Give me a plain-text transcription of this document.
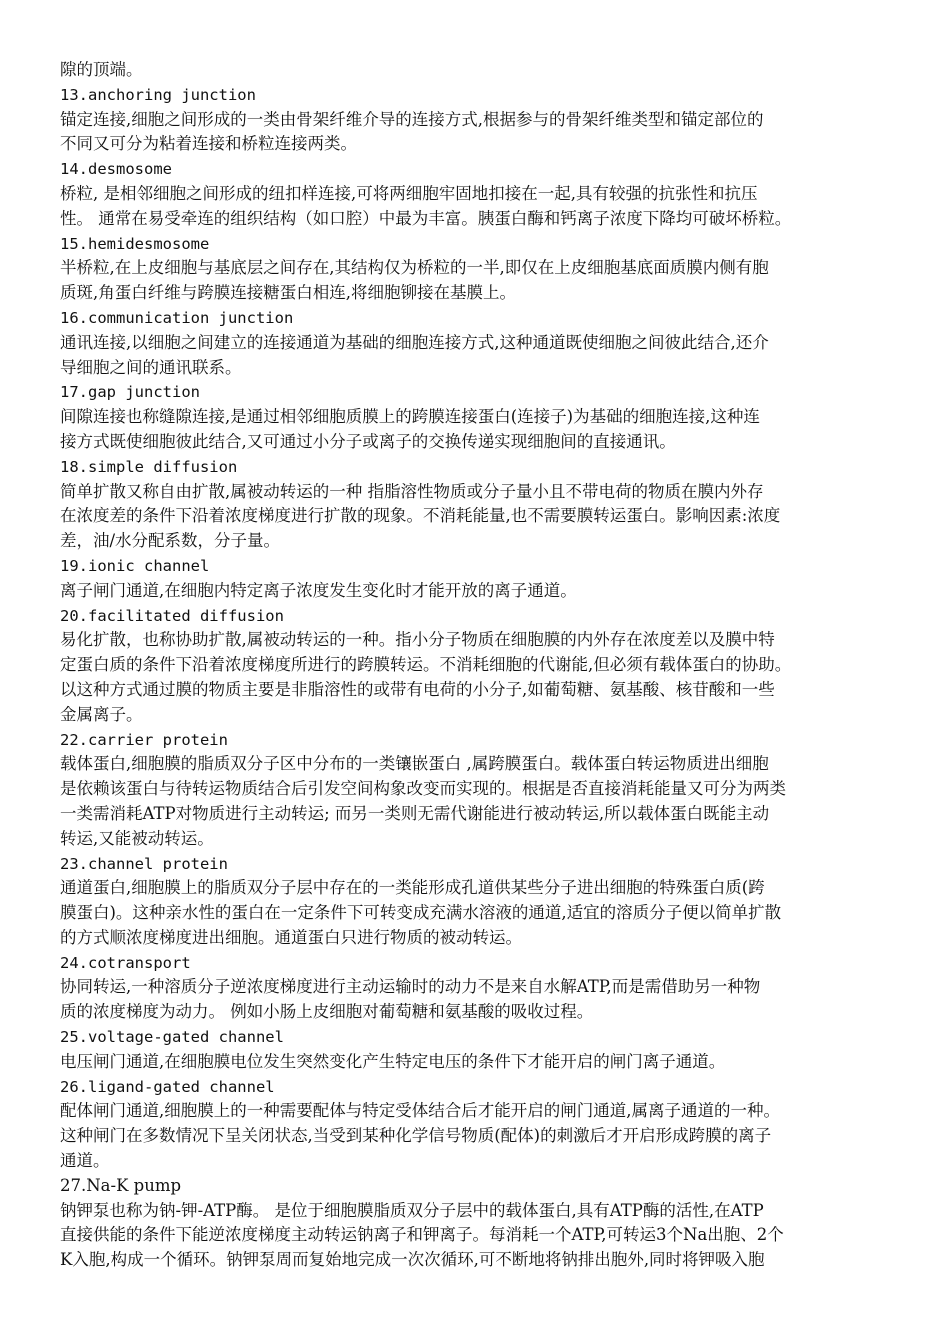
隙的顶端。
13.anchoring junction
锚定连接,细胞之间形成的一类由骨架纤维介导的连接方式,根据参与的骨架纤维类型和锚定部位的
不同又可分为粘着连接和桥粒连接两类。
14.desmosome
桥粒, 是相邻细胞之间形成的纽扣样连接,可将两细胞牢固地扣接在一起,具有较强的抗张性和抗压
性。 通常在易受牵连的组织结构（如口腔）中最为丰富。胰蛋白酶和钙离子浓度下降均可破坏桥粒。
15.hemidesmosome
半桥粒,在上皮细胞与基底层之间存在,其结构仅为桥粒的一半,即仅在上皮细胞基底面质膜内侧有胞
质斑,角蛋白纤维与跨膜连接糖蛋白相连,将细胞铆接在基膜上。
16.communication junction
通讯连接,以细胞之间建立的连接通道为基础的细胞连接方式,这种通道既使细胞之间彼此结合,还介
导细胞之间的通讯联系。
17.gap junction
间隙连接也称缝隙连接,是通过相邻细胞质膜上的跨膜连接蛋白(连接子)为基础的细胞连接,这种连
接方式既使细胞彼此结合,又可通过小分子或离子的交换传递实现细胞间的直接通讯。
18.simple diffusion
简单扩散又称自由扩散,属被动转运的一种 指脂溶性物质或分子量小且不带电荷的物质在膜内外存
在浓度差的条件下沿着浓度梯度进行扩散的现象。不消耗能量,也不需要膜转运蛋白。影响因素:浓度
差，油/水分配系数，分子量。
19.ionic channel
离子闸门通道,在细胞内特定离子浓度发生变化时才能开放的离子通道。
20.facilitated diffusion
易化扩散，也称协助扩散,属被动转运的一种。指小分子物质在细胞膜的内外存在浓度差以及膜中特
定蛋白质的条件下沿着浓度梯度所进行的跨膜转运。不消耗细胞的代谢能,但必须有载体蛋白的协助。
以这种方式通过膜的物质主要是非脂溶性的或带有电荷的小分子,如葡萄糖、氨基酸、核苷酸和一些
金属离子。
22.carrier protein
载体蛋白,细胞膜的脂质双分子区中分布的一类镶嵌蛋白 ,属跨膜蛋白。载体蛋白转运物质进出细胞
是依赖该蛋白与待转运物质结合后引发空间构象改变而实现的。根据是否直接消耗能量又可分为两类
一类需消耗ATP对物质进行主动转运; 而另一类则无需代谢能进行被动转运,所以载体蛋白既能主动
转运,又能被动转运。
23.channel protein
通道蛋白,细胞膜上的脂质双分子层中存在的一类能形成孔道供某些分子进出细胞的特殊蛋白质(跨
膜蛋白)。这种亲水性的蛋白在一定条件下可转变成充满水溶液的通道,适宜的溶质分子便以简单扩散
的方式顺浓度梯度进出细胞。通道蛋白只进行物质的被动转运。
24.cotransport
协同转运,一种溶质分子逆浓度梯度进行主动运输时的动力不是来自水解ATP,而是需借助另一种物
质的浓度梯度为动力。 例如小肠上皮细胞对葡萄糖和氨基酸的吸收过程。
25.voltage-gated channel
电压闸门通道,在细胞膜电位发生突然变化产生特定电压的条件下才能开启的闸门离子通道。
26.ligand-gated channel
配体闸门通道,细胞膜上的一种需要配体与特定受体结合后才能开启的闸门通道,属离子通道的一种。
这种闸门在多数情况下呈关闭状态,当受到某种化学信号物质(配体)的刺激后才开启形成跨膜的离子
通道。
27.Na-K pump
钠钾泵也称为钠-钾-ATP酶。 是位于细胞膜脂质双分子层中的载体蛋白,具有ATP酶的活性,在ATP
直接供能的条件下能逆浓度梯度主动转运钠离子和钾离子。每消耗一个ATP,可转运3个Na出胞、2个
K入胞,构成一个循环。钠钾泵周而复始地完成一次次循环,可不断地将钠排出胞外,同时将钾吸入胞
